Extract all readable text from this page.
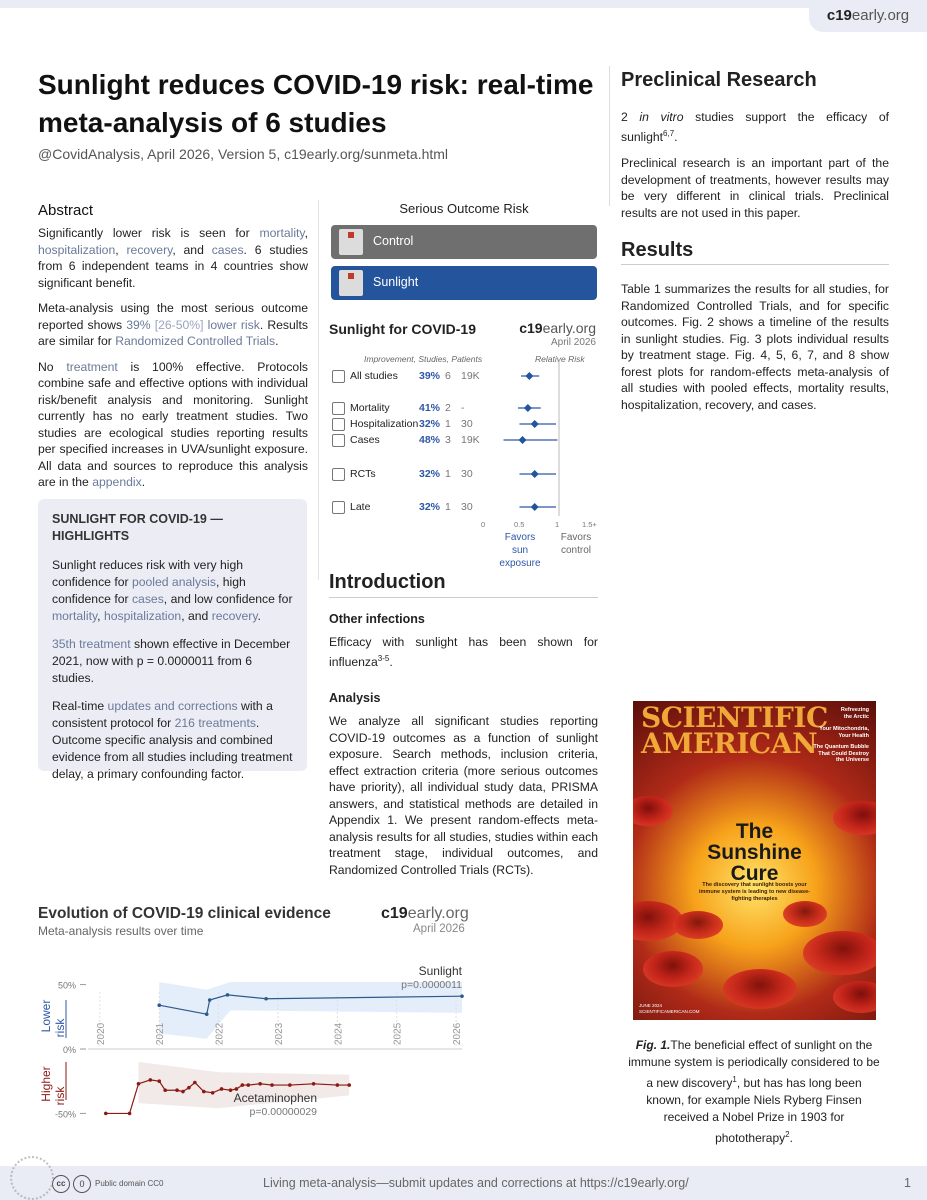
c19early.org
Sunlight reduces COVID-19 risk: real-time meta-analysis of 6 studies
@CovidAnalysis, April 2026, Version 5, c19early.org/sunmeta.html
Abstract

Significantly lower risk is seen for mortality, hospitalization, recovery, and cases. 6 studies from 6 independent teams in 4 countries show significant benefit.

Meta-analysis using the most serious outcome reported shows 39% [26-50%] lower risk. Results are similar for Randomized Controlled Trials.

No treatment is 100% effective. Protocols combine safe and effective options with individual risk/benefit analysis and monitoring. Sunlight currently has no early treatment studies. Two studies are ecological studies reporting results per specified increases in UVA/sunlight exposure. All data and sources to reproduce this analysis are in the appendix.

SUNLIGHT FOR COVID-19 — HIGHLIGHTS

Sunlight reduces risk with very high confidence for pooled analysis, high confidence for cases, and low confidence for mortality, hospitalization, and recovery.

35th treatment shown effective in December 2021, now with p = 0.0000011 from 6 studies.

Real-time updates and corrections with a consistent protocol for 216 treatments. Outcome specific analysis and combined evidence from all studies including treatment delay, a primary confounding factor.

Serious Outcome Risk
Control
Sunlight
Sunlight for COVID-19	c19early.org
April 2026
Improvement, Studies, Patients	Relative Risk
All studies 39% 6 19K
Mortality	41% 2 -
Hospitalization 32% 1 30
Cases	48% 3 19K
RCTs	32% 1 30
Late	32% 1 30
0	0.5	1	1.5+
Favors
sun exposure
Favors
control
Introduction
Other infections
Efficacy with sunlight has been shown for influenza$^{3-5}$.
Analysis
We analyze all significant studies reporting COVID-19 outcomes as a function of sunlight exposure. Search methods, inclusion criteria, effect extraction criteria (more serious outcomes have priority), all individual study data, PRISMA answers, and statistical methods are detailed in Appendix 1. We present random-effects meta-analysis results for all studies, studies within each treatment stage, individual outcomes, and Randomized Controlled Trials (RCTs).
Preclinical Research

2 in vitro studies support the efficacy of sunlight$^{6,7}$.

Preclinical research is an important part of the development of treatments, however results may be very different in clinical trials. Preclinical results are not used in this paper.

Results
Table 1 summarizes the results for all studies, for Randomized Controlled Trials, and for specific outcomes. Fig. 2 shows a timeline of the results in sunlight studies. Fig. 3 plots individual results by treatment stage. Fig. 4, 5, 6, 7, and 8 show forest plots for random-effects meta-analysis of all studies with pooled effects, mortality results, hospitalization, recovery, and cases.
Evolution of COVID-19 clinical evidence
Meta-analysis results over time
c19early.org
April 2026
50%
0%
-50%
2020	2021	2022	2023	2024	2025	2026
Lower risk
Higher risk
Sunlight
p=0.0000011
Acetaminophen
p=0.00000029
SCIENTIFIC AMERICAN
Refreezing
the Arctic
Your Mitochondria,
Your Health
The Quantum Bubble
That Could Destroy
the Universe
The
Sunshine
Cure
The discovery that sunlight boosts your immune system is leading to new disease-fighting therapies
JUNE 2024
SCIENTIFICAMERICAN.COM
Fig. 1.The beneficial effect of sunlight on the immune system is periodically considered to be a new discovery$^1$, but has has long been known, for example Niels Ryberg Finsen received a Nobel Prize in 1903 for phototherapy$^2$.
cc	0	Public domain CC0	Living meta-analysis—submit updates and corrections at https://c19early.org/	1
